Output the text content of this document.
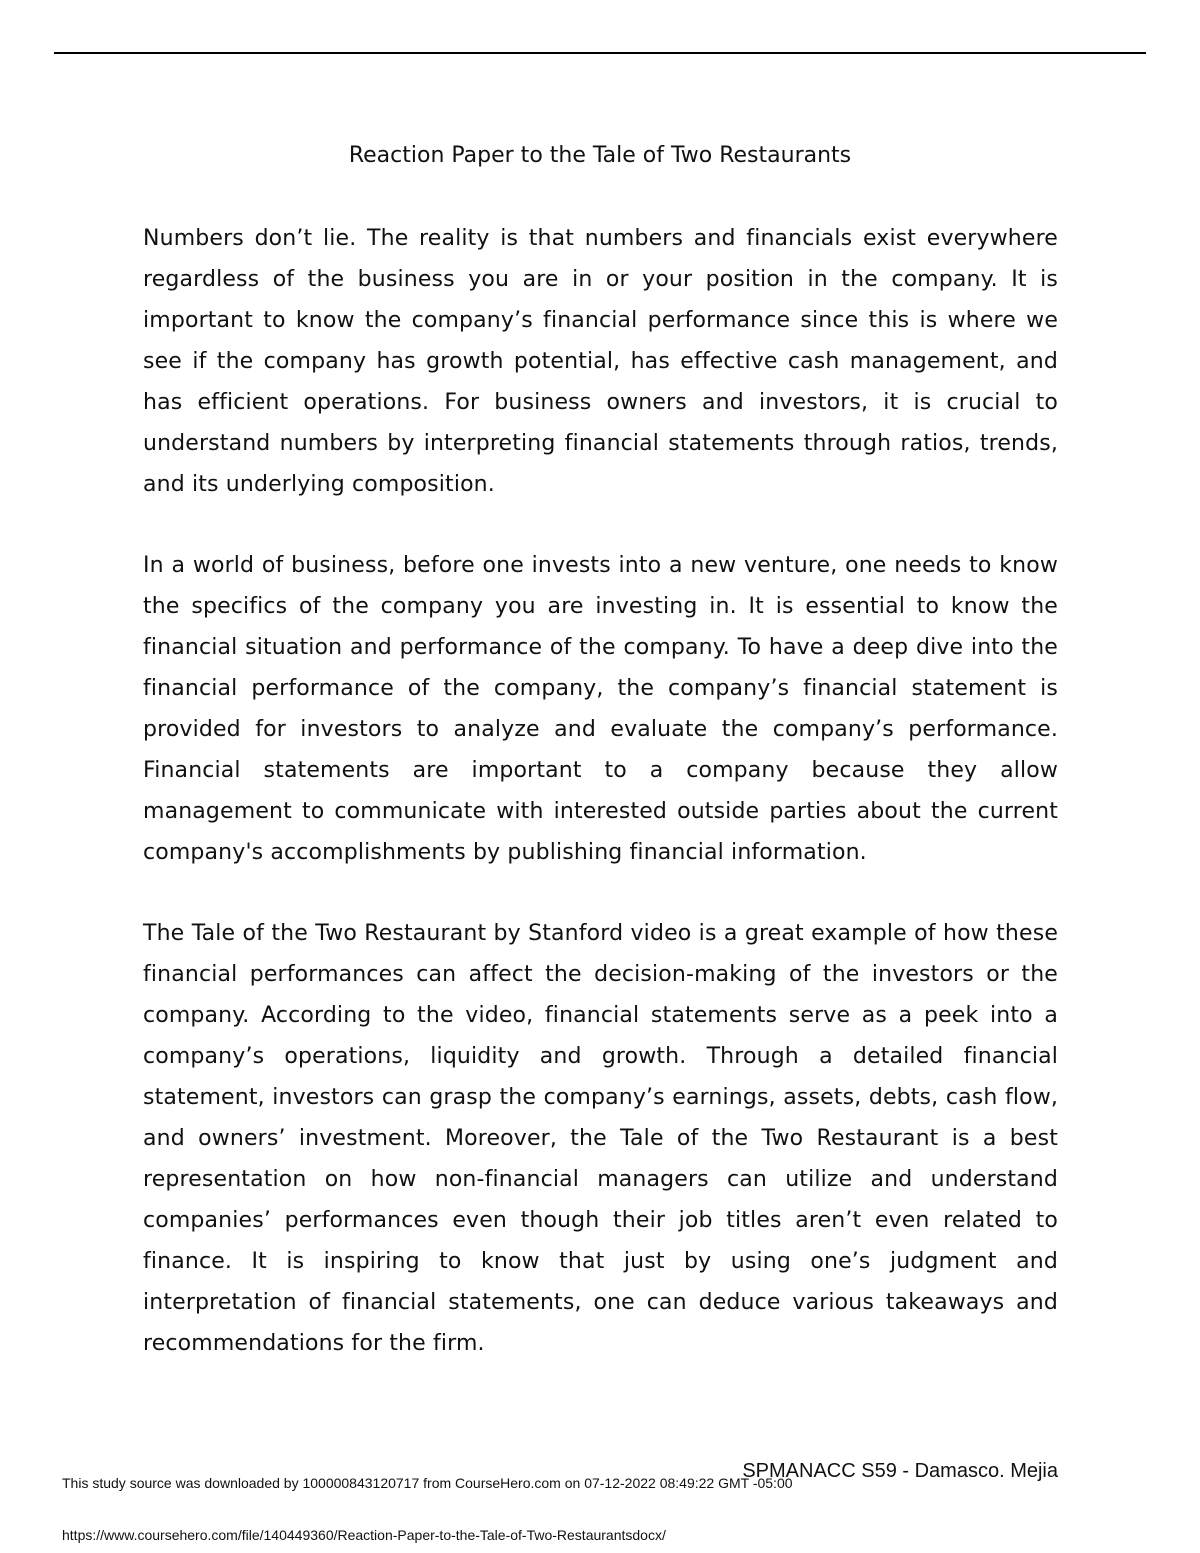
Reaction Paper to the Tale of Two Restaurants
Numbers don’t lie. The reality is that numbers and financials exist everywhere regardless of the business you are in or your position in the company. It is important to know the company’s financial performance since this is where we see if the company has growth potential, has effective cash management, and has efficient operations. For business owners and investors, it is crucial to understand numbers by interpreting financial statements through ratios, trends, and its underlying composition.
In a world of business, before one invests into a new venture, one needs to know the specifics of the company you are investing in. It is essential to know the financial situation and performance of the company. To have a deep dive into the financial performance of the company, the company’s financial statement is provided for investors to analyze and evaluate the company’s performance. Financial statements are important to a company because they allow management to communicate with interested outside parties about the current company's accomplishments by publishing financial information.
The Tale of the Two Restaurant by Stanford video is a great example of how these financial performances can affect the decision-making of the investors or the company. According to the video, financial statements serve as a peek into a company’s operations, liquidity and growth. Through a detailed financial statement, investors can grasp the company’s earnings, assets, debts, cash flow, and owners’ investment. Moreover, the Tale of the Two Restaurant is a best representation on how non-financial managers can utilize and understand companies’ performances even though their job titles aren’t even related to finance. It is inspiring to know that just by using one’s judgment and interpretation of financial statements, one can deduce various takeaways and recommendations for the firm.
SPMANACC S59 - Damasco. Mejia
This study source was downloaded by 100000843120717 from CourseHero.com on 07-12-2022 08:49:22 GMT -05:00
https://www.coursehero.com/file/140449360/Reaction-Paper-to-the-Tale-of-Two-Restaurantsdocx/
